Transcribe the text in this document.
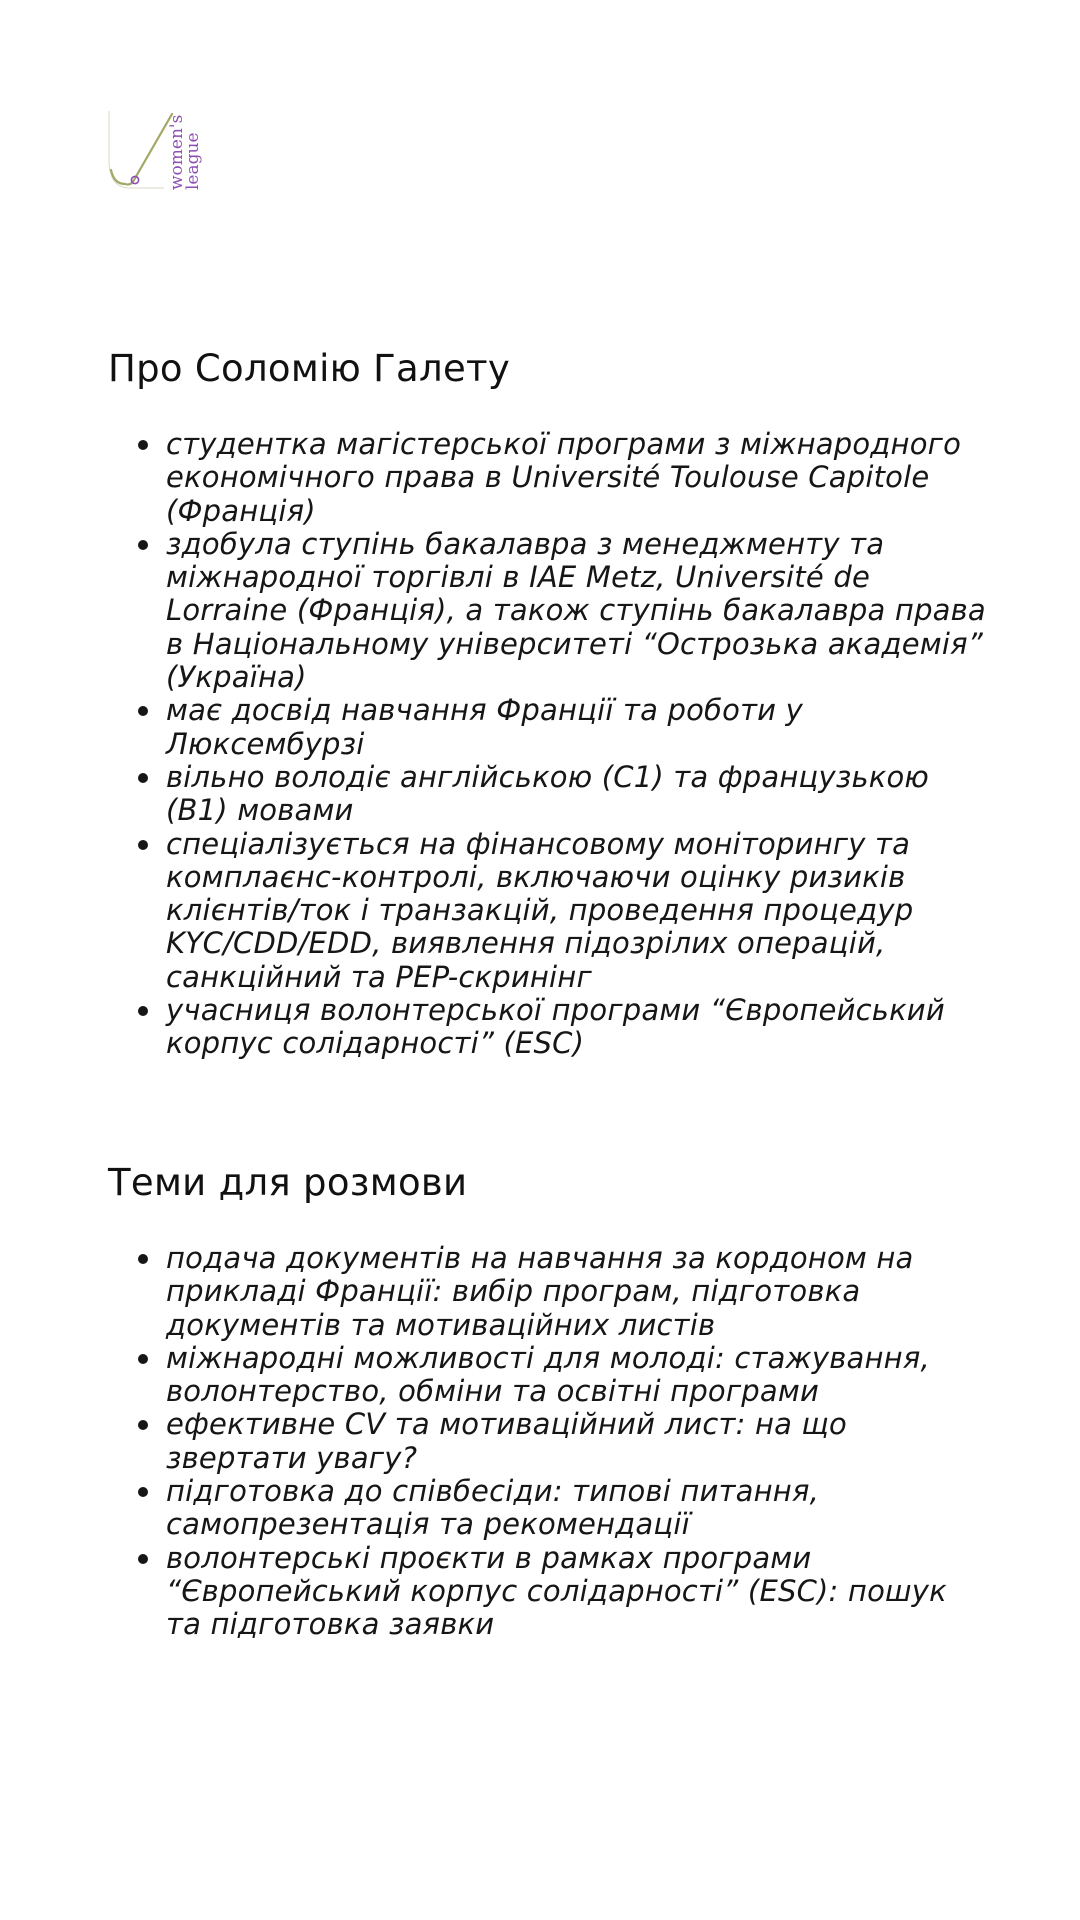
women's
league
Про Соломію Галету
студентка магістерської програми з міжнародного економічного права в Université Toulouse Capitole (Франція)
здобула ступінь бакалавра з менеджменту та міжнародної торгівлі в IAE Metz, Université de Lorraine (Франція), а також ступінь бакалавра права в Національному університеті “Острозька академія” (Україна)
має досвід навчання Франції та роботи у Люксембурзі
вільно володіє англійською (C1) та французькою (B1) мовами
спеціалізується на фінансовому моніторингу та комплаєнс-контролі, включаючи оцінку ризиків клієнтів/ток і транзакцій, проведення процедур KYC/CDD/EDD, виявлення підозрілих операцій, санкційний та PEP-скринінг
учасниця волонтерської програми “Європейський корпус солідарності” (ESC)
Теми для розмови
подача документів на навчання за кордоном на прикладі Франції: вибір програм, підготовка документів та мотиваційних листів
міжнародні можливості для молоді: стажування, волонтерство, обміни та освітні програми
ефективне CV та мотиваційний лист: на що звертати увагу?
підготовка до співбесіди: типові питання, самопрезентація та рекомендації
волонтерські проєкти в рамках програми “Європейський корпус солідарності” (ESC): пошук та підготовка заявки
